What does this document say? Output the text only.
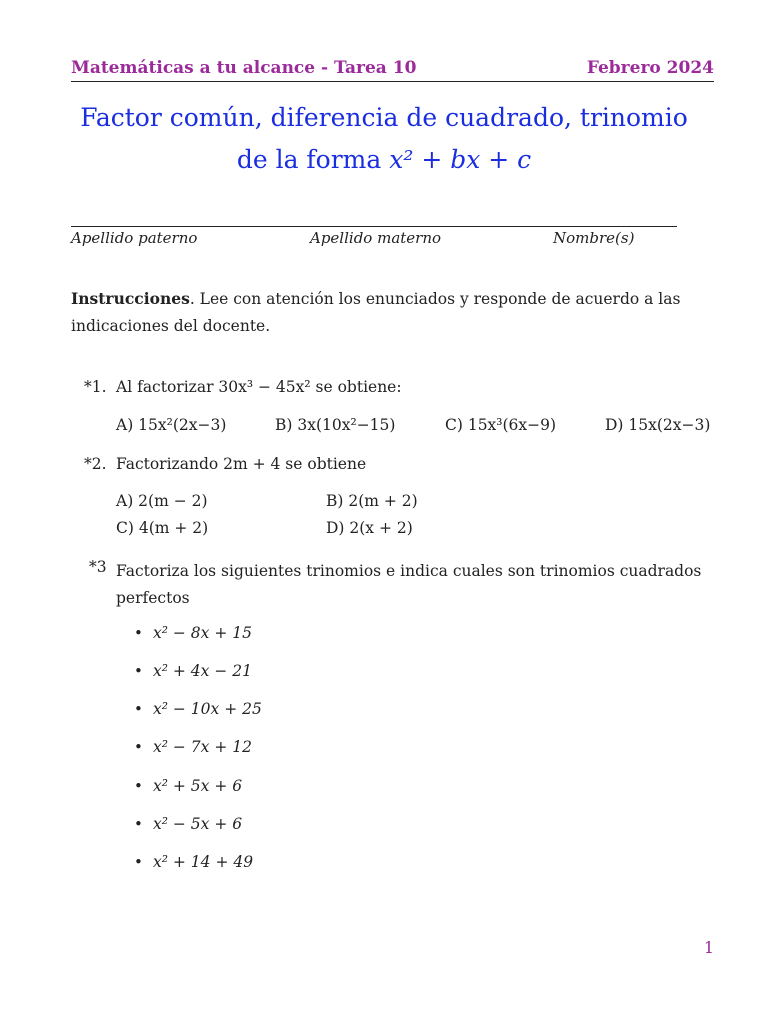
Matemáticas a tu alcance - Tarea 10	Febrero 2024
Factor común, diferencia de cuadrado, trinomio
de la forma x² + bx + c
Apellido paterno	Apellido materno	Nombre(s)
Instrucciones. Lee con atención los enunciados y responde de acuerdo a las indicaciones del docente.
*1. Al factorizar 30x³ − 45x² se obtiene:
A) 15x²(2x−3)	B) 3x(10x²−15)	C) 15x³(6x−9)	D) 15x(2x−3)
*2. Factorizando 2m + 4 se obtiene
A) 2(m − 2)	B) 2(m + 2)
C) 4(m + 2)	D) 2(x + 2)
*3 Factoriza los siguientes trinomios e indica cuales son trinomios cuadrados perfectos
• x² − 8x + 15
• x² + 4x − 21
• x² − 10x + 25
• x² − 7x + 12
• x² + 5x + 6
• x² − 5x + 6
• x² + 14 + 49
1
